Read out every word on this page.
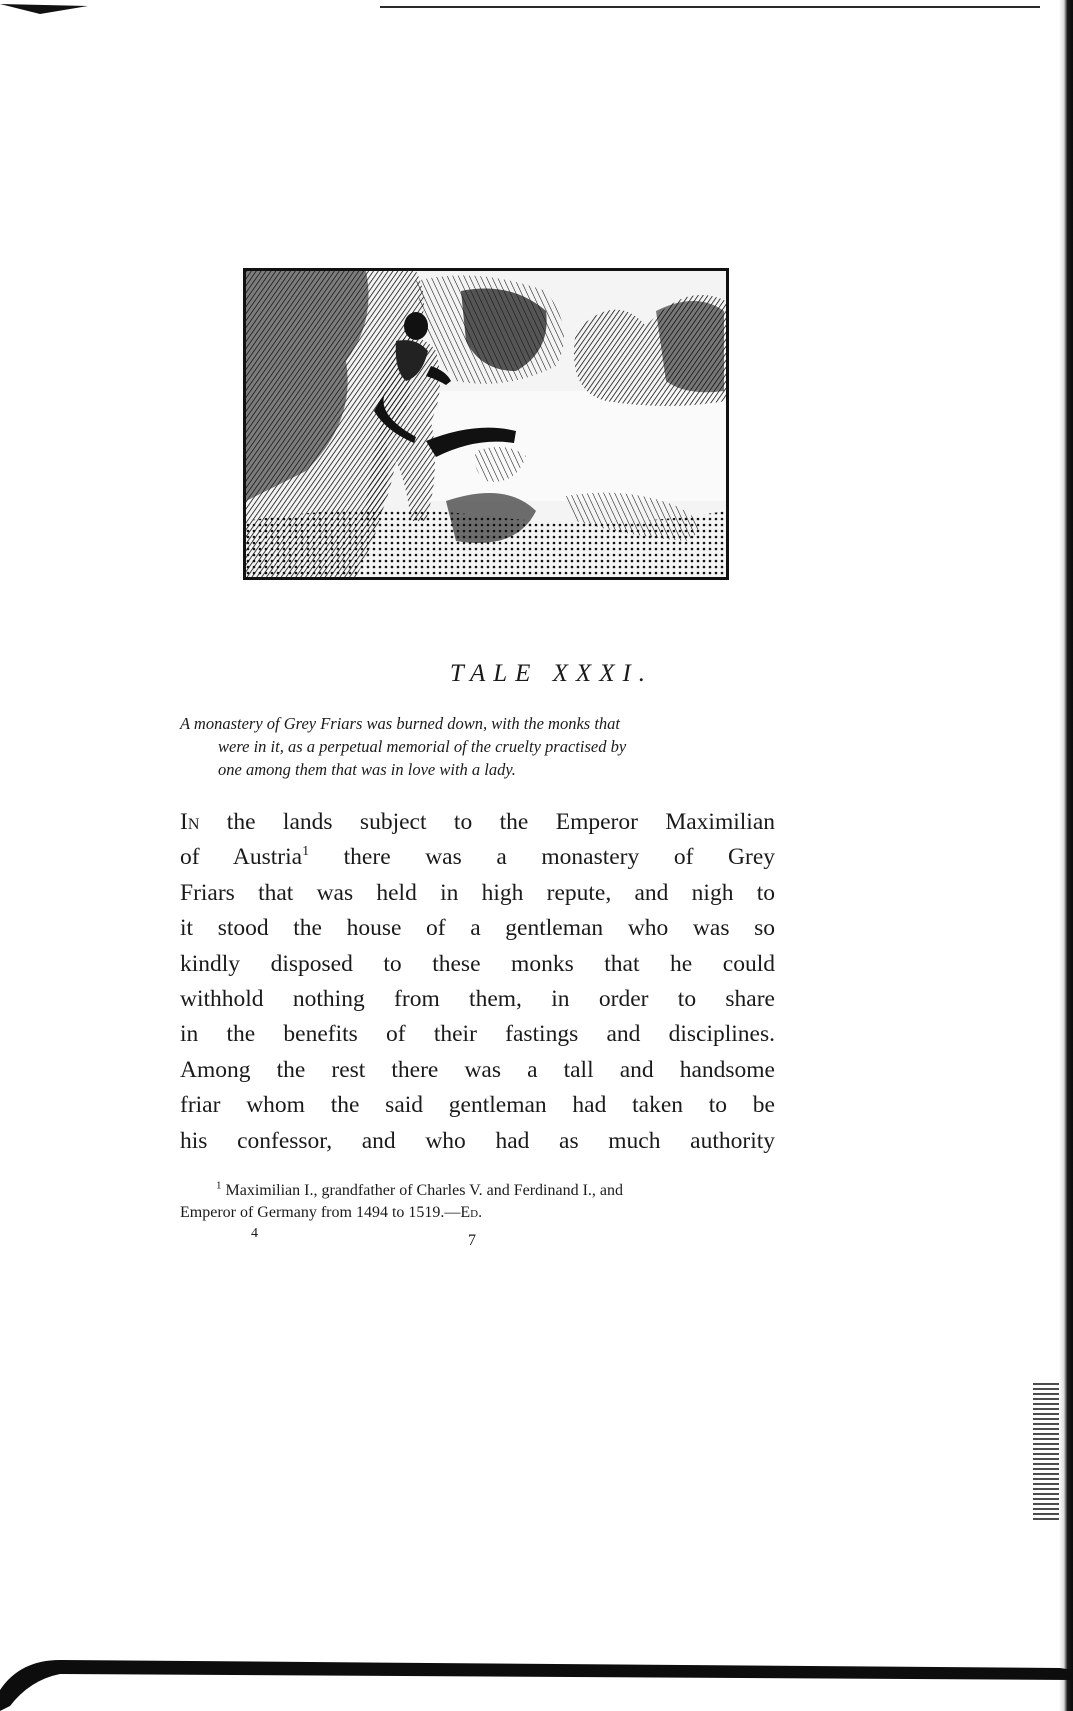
TALE XXXI.

A monastery of Grey Friars was burned down, with the monks that
were in it, as a perpetual memorial of the cruelty practised by
one among them that was in love with a lady.

In the lands subject to the Emperor Maximilian
of Austria$^1$ there was a monastery of Grey
Friars that was held in high repute, and nigh to
it stood the house of a gentleman who was so
kindly disposed to these monks that he could
withhold nothing from them, in order to share
in the benefits of their fastings and disciplines.
Among the rest there was a tall and handsome
friar whom the said gentleman had taken to be
his confessor, and who had as much authority

$^1$ Maximilian I., grandfather of Charles V. and Ferdinand I., and
Emperor of Germany from 1494 to 1519.—Ed.

4	7
